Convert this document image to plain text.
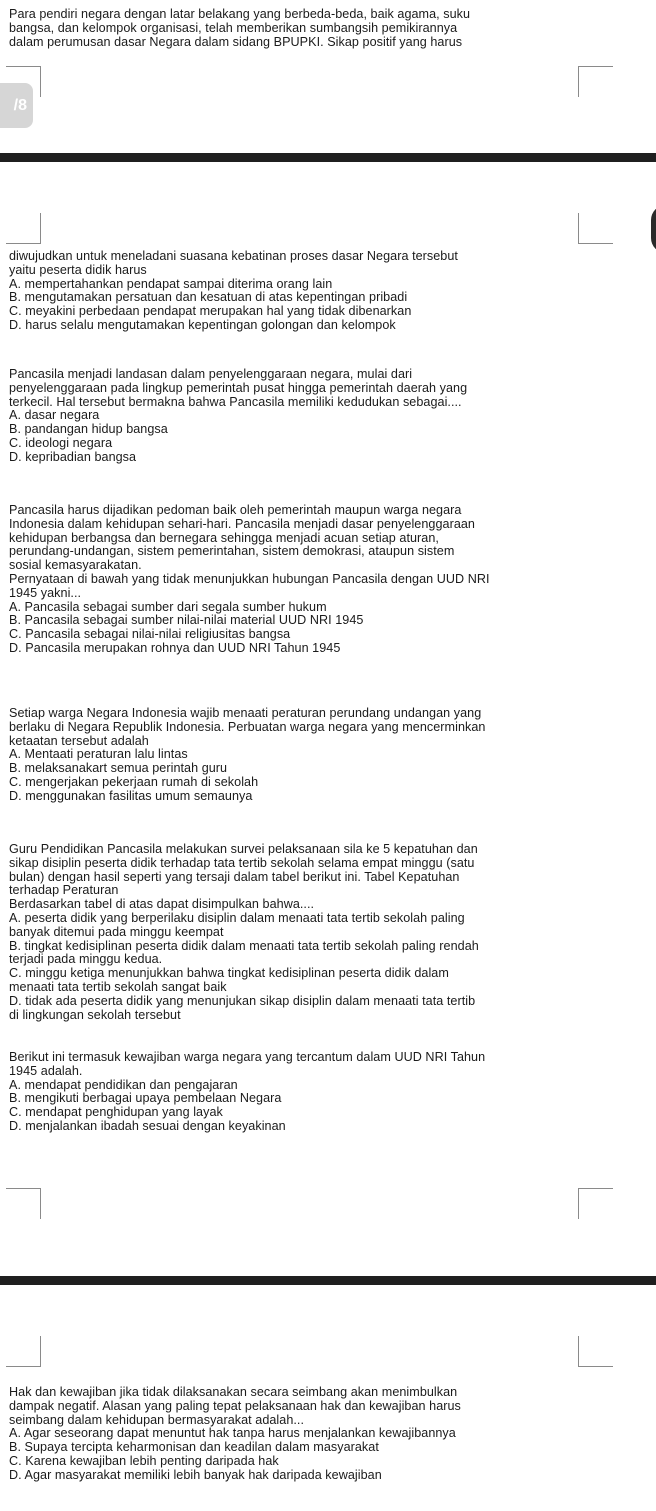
Para pendiri negara dengan latar belakang yang berbeda-beda, baik agama, suku

bangsa, dan kelompok organisasi, telah memberikan sumbangsih pemikirannya

dalam perumusan dasar Negara dalam sidang BPUPKI. Sikap positif yang harus

/8

diwujudkan untuk meneladani suasana kebatinan proses dasar Negara tersebut

yaitu peserta didik harus

A. mempertahankan pendapat sampai diterima orang lain

B. mengutamakan persatuan dan kesatuan di atas kepentingan pribadi

C. meyakini perbedaan pendapat merupakan hal yang tidak dibenarkan

D. harus selalu mengutamakan kepentingan golongan dan kelompok

Pancasila menjadi landasan dalam penyelenggaraan negara, mulai dari

penyelenggaraan pada lingkup pemerintah pusat hingga pemerintah daerah yang

terkecil. Hal tersebut bermakna bahwa Pancasila memiliki kedudukan sebagai....

A. dasar negara

B. pandangan hidup bangsa

C. ideologi negara

D. kepribadian bangsa

Pancasila harus dijadikan pedoman baik oleh pemerintah maupun warga negara

Indonesia dalam kehidupan sehari-hari. Pancasila menjadi dasar penyelenggaraan

kehidupan berbangsa dan bernegara sehingga menjadi acuan setiap aturan,

perundang-undangan, sistem pemerintahan, sistem demokrasi, ataupun sistem

sosial kemasyarakatan.

Pernyataan di bawah yang tidak menunjukkan hubungan Pancasila dengan UUD NRI

1945 yakni...

A. Pancasila sebagai sumber dari segala sumber hukum

B. Pancasila sebagai sumber nilai-nilai material UUD NRI 1945

C. Pancasila sebagai nilai-nilai religiusitas bangsa

D. Pancasila merupakan rohnya dan UUD NRI Tahun 1945

Setiap warga Negara Indonesia wajib menaati peraturan perundang undangan yang

berlaku di Negara Republik Indonesia. Perbuatan warga negara yang mencerminkan

ketaatan tersebut adalah

A. Mentaati peraturan lalu lintas

B. melaksanakart semua perintah guru

C. mengerjakan pekerjaan rumah di sekolah

D. menggunakan fasilitas umum semaunya

Guru Pendidikan Pancasila melakukan survei pelaksanaan sila ke 5 kepatuhan dan

sikap disiplin peserta didik terhadap tata tertib sekolah selama empat minggu (satu

bulan) dengan hasil seperti yang tersaji dalam tabel berikut ini. Tabel Kepatuhan

terhadap Peraturan

Berdasarkan tabel di atas dapat disimpulkan bahwa....

A. peserta didik yang berperilaku disiplin dalam menaati tata tertib sekolah paling

banyak ditemui pada minggu keempat

B. tingkat kedisiplinan peserta didik dalam menaati tata tertib sekolah paling rendah

terjadi pada minggu kedua.

C. minggu ketiga menunjukkan bahwa tingkat kedisiplinan peserta didik dalam

menaati tata tertib sekolah sangat baik

D. tidak ada peserta didik yang menunjukan sikap disiplin dalam menaati tata tertib

di lingkungan sekolah tersebut

Berikut ini termasuk kewajiban warga negara yang tercantum dalam UUD NRI Tahun

1945 adalah.

A. mendapat pendidikan dan pengajaran

B. mengikuti berbagai upaya pembelaan Negara

C. mendapat penghidupan yang layak

D. menjalankan ibadah sesuai dengan keyakinan

Hak dan kewajiban jika tidak dilaksanakan secara seimbang akan menimbulkan

dampak negatif. Alasan yang paling tepat pelaksanaan hak dan kewajiban harus

seimbang dalam kehidupan bermasyarakat adalah...

A. Agar seseorang dapat menuntut hak tanpa harus menjalankan kewajibannya

B. Supaya tercipta keharmonisan dan keadilan dalam masyarakat

C. Karena kewajiban lebih penting daripada hak

D. Agar masyarakat memiliki lebih banyak hak daripada kewajiban
